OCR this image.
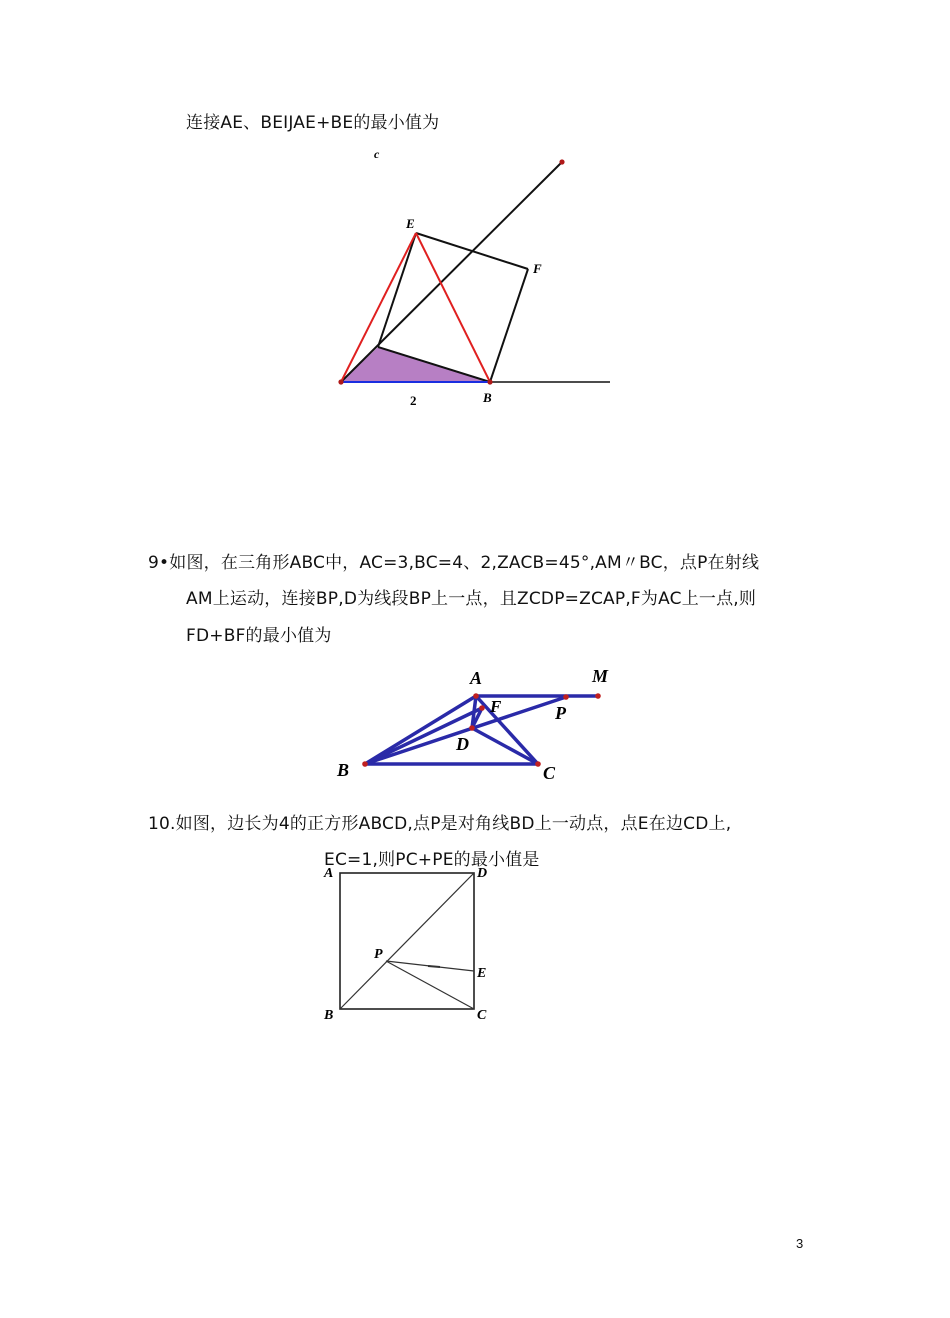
连接AE、BEIJAE+BE的最小值为
c
E
F
B
2
9•如图，在三角形ABC中，AC=3,BC=4、2,ZACB=45°,AM〃BC，点P在射线
AM上运动，连接BP,D为线段BP上一点，且ZCDP=ZCAP,F为AC上一点,则
FD+BF的最小值为
A	M
F	P
D
B	C
10.如图，边长为4的正方形ABCD,点P是对角线BD上一动点，点E在边CD上,
EC=1,则PC+PE的最小值是
A	D
P
E
B	C
3
